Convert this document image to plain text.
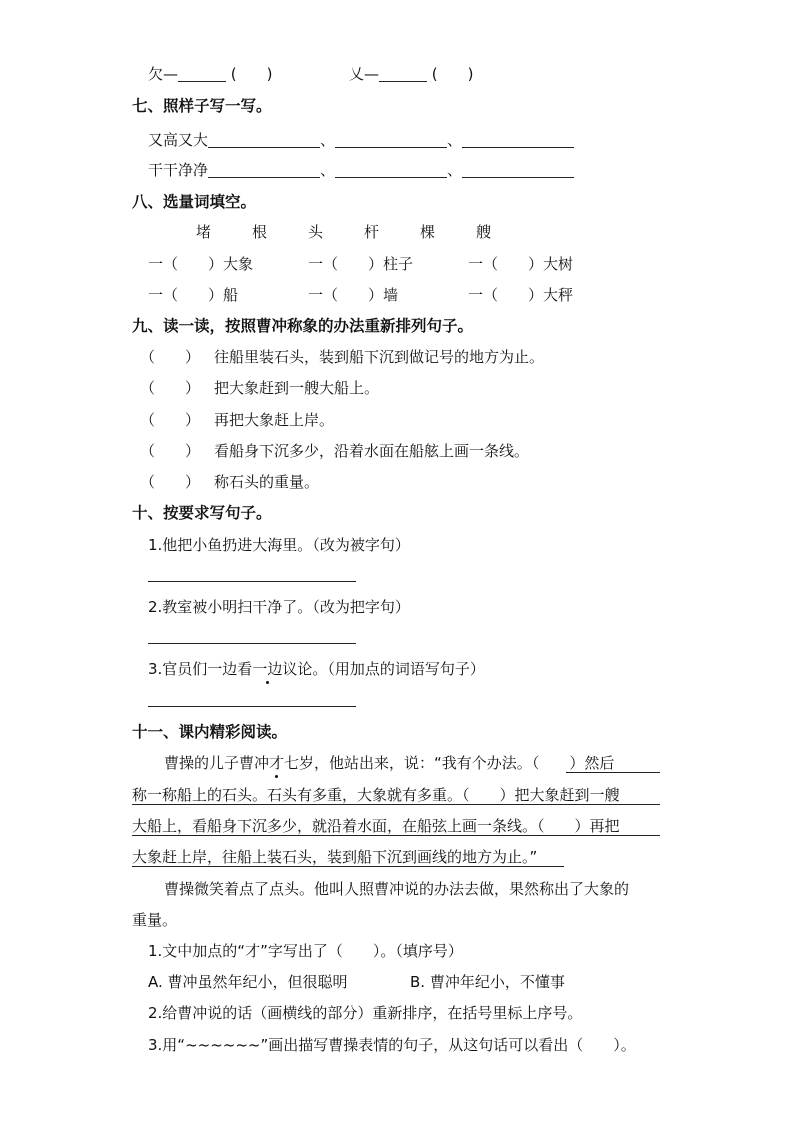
欠—	(　　)	乂—	(　　)
七、照样子写一写。
又高又大	、	、
干干净净	、	、
八、选量词填空。
堵	根	头	杆	棵	艘
一（　　）大象	一（　　）柱子	一（　　）大树
一（　　）船	一（　　）墙	一（　　）大秤
九、读一读，按照曹冲称象的办法重新排列句子。
（　　） 往船里装石头，装到船下沉到做记号的地方为止。
（　　） 把大象赶到一艘大船上。
（　　） 再把大象赶上岸。
（　　） 看船身下沉多少，沿着水面在船舷上画一条线。
（　　） 称石头的重量。
十、按要求写句子。
1.他把小鱼扔进大海里。（改为被字句）
2.教室被小明扫干净了。（改为把字句）
3.官员们一边看一边议论。（用加点的词语写句子）
十一、课内精彩阅读。
曹操的儿子曹冲才七岁，他站出来，说：“我有个办法。（　　）然后
称一称船上的石头。石头有多重，大象就有多重。（　　）把大象赶到一艘
大船上，看船身下沉多少，就沿着水面，在船弦上画一条线。（　　）再把
大象赶上岸，往船上装石头，装到船下沉到画线的地方为止。”
曹操微笑着点了点头。他叫人照曹冲说的办法去做，果然称出了大象的
重量。
1.文中加点的“才”字写出了（　　）。（填序号）
A. 曹冲虽然年纪小，但很聪明	B. 曹冲年纪小，不懂事
2.给曹冲说的话（画横线的部分）重新排序，在括号里标上序号。
3.用“~~~~~~”画出描写曹操表情的句子，从这句话可以看出（　　）。
